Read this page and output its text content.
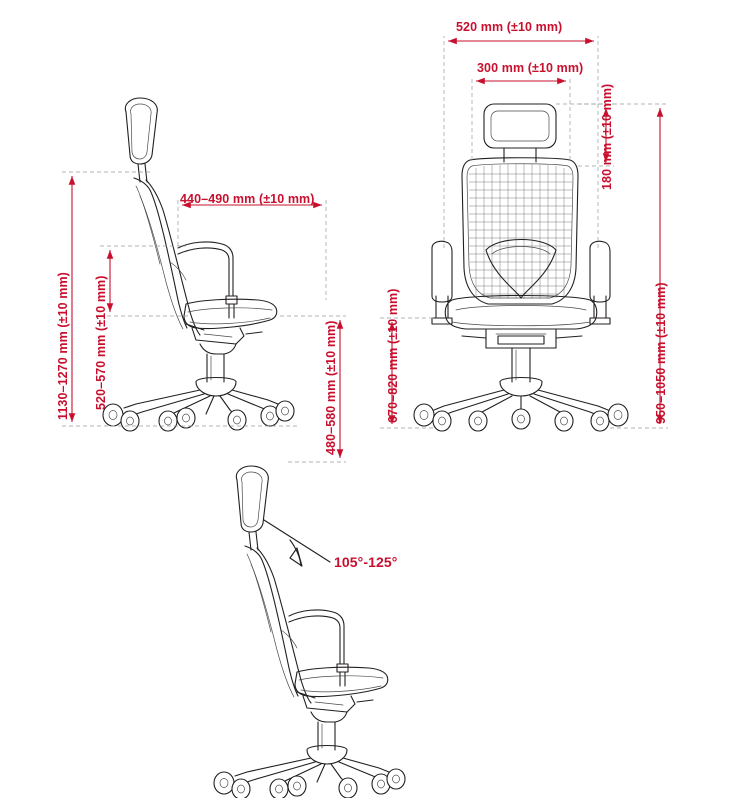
1130–1270 mm (±10 mm) 520–570 mm (±10 mm)
440–490 mm (±10 mm)
480–580 mm (±10 mm)
520 mm (±10 mm)
300 mm (±10 mm)
180 mm (±10 mm)
670–820 mm (±10 mm)	950–1050 mm (±10 mm)
105°-125°
